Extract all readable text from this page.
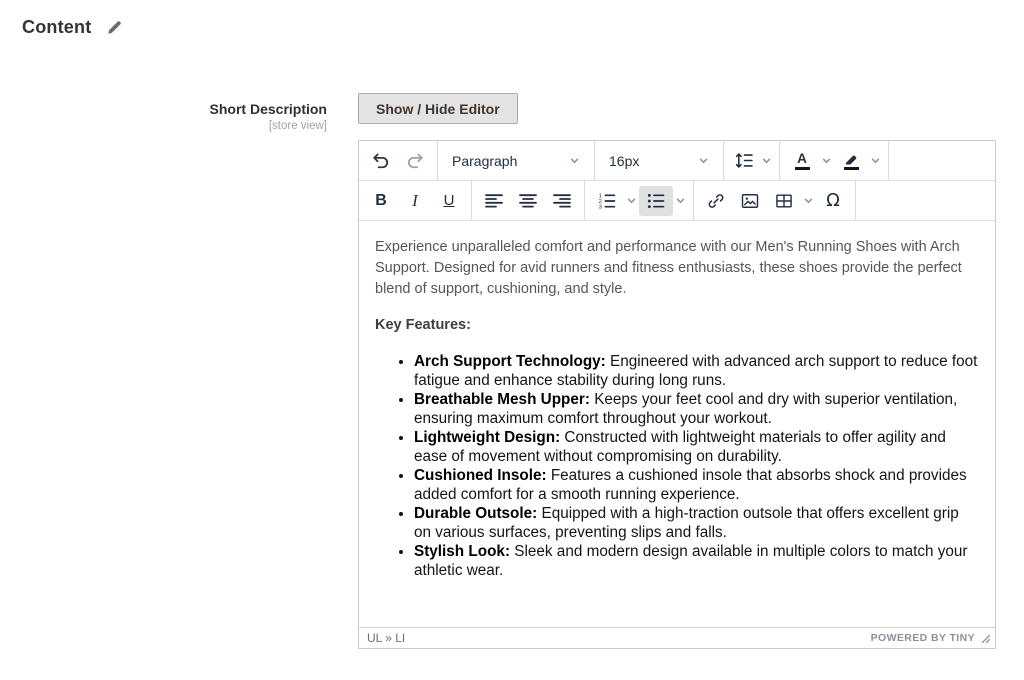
Content
Short Description
[store view]
Show / Hide Editor
Paragraph	16px	A
B I U	1
2
3	Ω

Experience unparalleled comfort and performance with our Men's Running Shoes with Arch Support. Designed for avid runners and fitness enthusiasts, these shoes provide the perfect blend of support, cushioning, and style.

Key Features:

• Arch Support Technology: Engineered with advanced arch support to reduce foot fatigue and enhance stability during long runs.
• Breathable Mesh Upper: Keeps your feet cool and dry with superior ventilation, ensuring maximum comfort throughout your workout.
• Lightweight Design: Constructed with lightweight materials to offer agility and ease of movement without compromising on durability.
• Cushioned Insole: Features a cushioned insole that absorbs shock and provides added comfort for a smooth running experience.
• Durable Outsole: Equipped with a high-traction outsole that offers excellent grip on various surfaces, preventing slips and falls.
• Stylish Look: Sleek and modern design available in multiple colors to match your athletic wear.
UL » LI	POWERED BY TINY
